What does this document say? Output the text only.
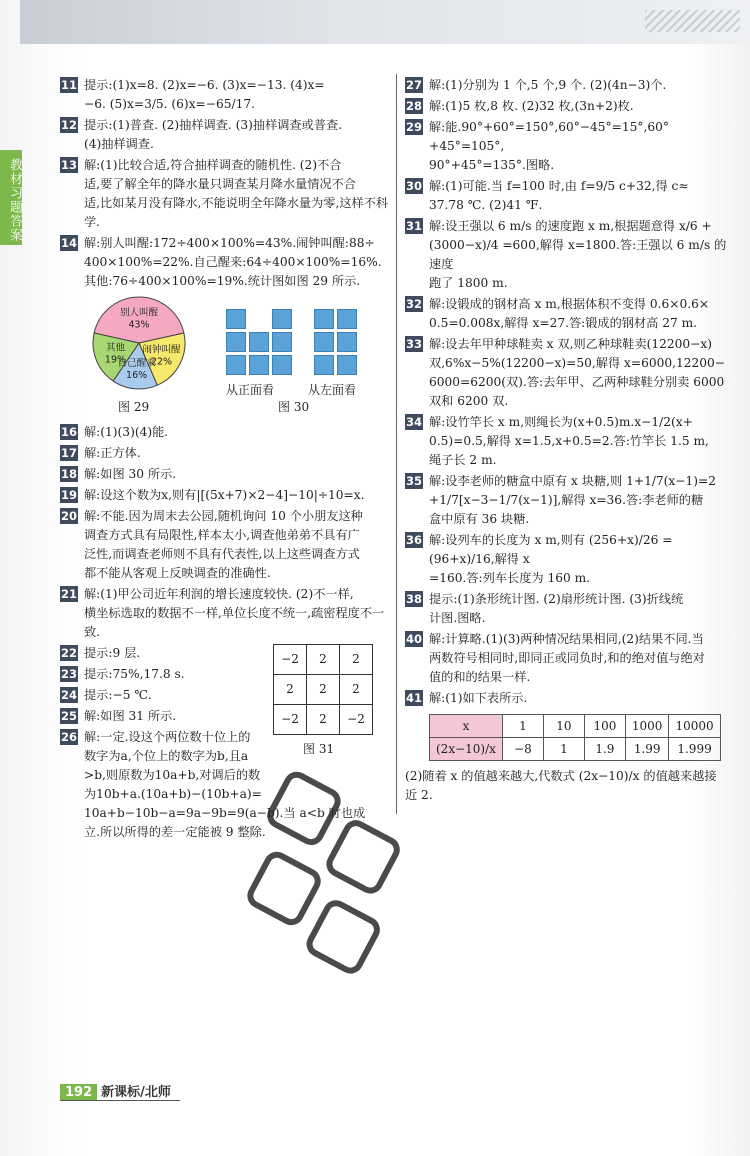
教材习题答案
11 提示:(1)x=8. (2)x=−6. (3)x=−13. (4)x=
−6. (5)x=3/5. (6)x=−65/17.
12 提示:(1)普查. (2)抽样调查. (3)抽样调查或普查.
(4)抽样调查.
13 解:(1)比较合适,符合抽样调查的随机性. (2)不合
适,要了解全年的降水量只调查某月降水量情况不合
适,比如某月没有降水,不能说明全年降水量为零,这样不科学.
14 解:别人叫醒:172÷400×100%=43%.闹钟叫醒:88÷
400×100%=22%.自己醒来:64÷400×100%=16%.
其他:76÷400×100%=19%.统计图如图 29 所示.
别人叫醒
43%
闹钟叫醒
22%
自己醒来
16%
其他
19%
图 29
从正面看	从左面看
图 30
16 解:(1)(3)(4)能.
17 解:正方体.
18 解:如图 30 所示.
19 解:设这个数为x,则有|[(5x+7)×2−4]−10|÷10=x.
20 解:不能.因为周末去公园,随机询问 10 个小朋友这种
调查方式具有局限性,样本太小,调查他弟弟不具有广
泛性,而调查老师则不具有代表性,以上这些调查方式
都不能从客观上反映调查的准确性.
21 解:(1)甲公司近年利润的增长速度较快. (2)不一样,
横坐标选取的数据不一样,单位长度不统一,疏密程度不一致.
−2	2	2
2	2	2
−2	2	−2
图 31
22 提示:9 层.
23 提示:75%,17.8 s.
24 提示:−5 ℃.
25 解:如图 31 所示.
26 解:一定.设这个两位数十位上的
数字为a,个位上的数字为b,且a
>b,则原数为10a+b,对调后的数
为10b+a.(10a+b)−(10b+a)=
10a+b−10b−a=9a−9b=9(a−b).当 a<b 时也成
立.所以所得的差一定能被 9 整除.
27 解:(1)分别为 1 个,5 个,9 个. (2)(4n−3)个.
28 解:(1)5 枚,8 枚. (2)32 枚,(3n+2)枚.
29 解:能.90°+60°=150°,60°−45°=15°,60°+45°=105°,
90°+45°=135°.图略.
30 解:(1)可能.当 f=100 时,由 f=9/5 c+32,得 c≈
37.78 ℃. (2)41 ℉.
31 解:设王强以 6 m/s 的速度跑 x m,根据题意得 x/6 +
(3000−x)/4 =600,解得 x=1800.答:王强以 6 m/s 的速度
跑了 1800 m.
32 解:设锻成的钢材高 x m,根据体积不变得 0.6×0.6×
0.5=0.008x,解得 x=27.答:锻成的钢材高 27 m.
33 解:设去年甲种球鞋卖 x 双,则乙种球鞋卖(12200−x)
双,6%x−5%(12200−x)=50,解得 x=6000,12200−
6000=6200(双).答:去年甲、乙两种球鞋分别卖 6000
双和 6200 双.
34 解:设竹竿长 x m,则绳长为(x+0.5)m.x−1/2(x+
0.5)=0.5,解得 x=1.5,x+0.5=2.答:竹竿长 1.5 m,
绳子长 2 m.
35 解:设李老师的糖盒中原有 x 块糖,则 1+1/7(x−1)=2
+1/7[x−3−1/7(x−1)],解得 x=36.答:李老师的糖
盒中原有 36 块糖.
36 解:设列车的长度为 x m,则有 (256+x)/26 = (96+x)/16,解得 x
=160.答:列车长度为 160 m.
38 提示:(1)条形统计图. (2)扇形统计图. (3)折线统
计图.图略.
40 解:计算略.(1)(3)两种情况结果相同,(2)结果不同.当
两数符号相同时,即同正或同负时,和的绝对值与绝对
值的和的结果一样.
41 解:(1)如下表所示.
x	1	10	100	1000	10000
(2x−10)/x	−8	1	1.9	1.99	1.999
(2)随着 x 的值越来越大,代数式 (2x−10)/x 的值越来越接
近 2.
192 新课标/北师
